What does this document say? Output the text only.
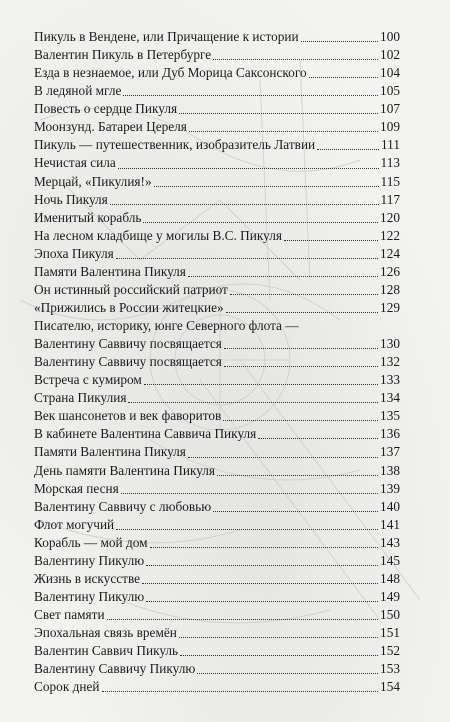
Пикуль в Вендене, или Причащение к истории	100
Валентин Пикуль в Петербурге	102
Езда в незнаемое, или Дуб Морица Саксонского	104
В ледяной мгле	105
Повесть о сердце Пикуля	107
Моонзунд. Батареи Цереля	109
Пикуль — путешественник, изобразитель Латвии	111
Нечистая сила	113
Мерцай, «Пикулия!»	115
Ночь Пикуля	117
Именитый корабль	120
На лесном кладбище у могилы В.С. Пикуля	122
Эпоха Пикуля	124
Памяти Валентина Пикуля	126
Он истинный российский патриот	128
«Прижились в России житецкие»	129
Писателю, историку, юнге Северного флота —
Валентину Саввичу посвящается	130
Валентину Саввичу посвящается	132
Встреча с кумиром	133
Страна Пикулия	134
Век шансонетов и век фаворитов	135
В кабинете Валентина Саввича Пикуля	136
Памяти Валентина Пикуля	137
День памяти Валентина Пикуля	138
Морская песня	139
Валентину Саввичу с любовью	140
Флот могучий	141
Корабль — мой дом	143
Валентину Пикулю	145
Жизнь в искусстве	148
Валентину Пикулю	149
Свет памяти	150
Эпохальная связь времён	151
Валентин Саввич Пикуль	152
Валентину Саввичу Пикулю	153
Сорок дней	154
